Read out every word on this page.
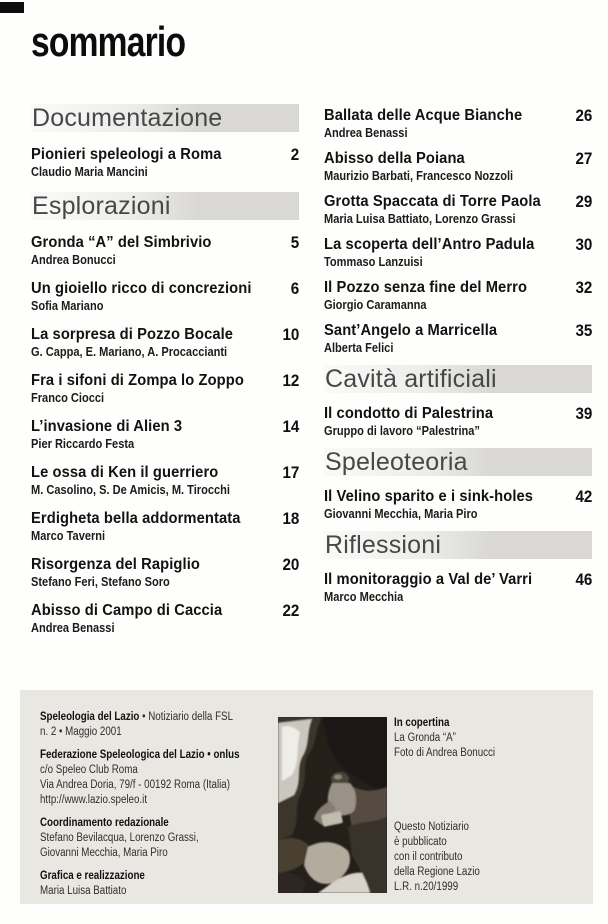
sommario
Documentazione
Pionieri speleologi a Roma	2
Claudio Maria Mancini
Esplorazioni
Gronda “A” del Simbrivio	5
Andrea Bonucci
Un gioiello ricco di concrezioni 6
Sofia Mariano
La sorpresa di Pozzo Bocale	10
G. Cappa, E. Mariano, A. Procaccianti
Fra i sifoni di Zompa lo Zoppo 12
Franco Ciocci
L’invasione di Alien 3	14
Pier Riccardo Festa
Le ossa di Ken il guerriero	17
M. Casolino, S. De Amicis, M. Tirocchi
Erdigheta bella addormentata	18
Marco Taverni
Risorgenza del Rapiglio	20
Stefano Feri, Stefano Soro
Abisso di Campo di Caccia	22
Andrea Benassi
Ballata delle Acque Bianche	26
Andrea Benassi
Abisso della Poiana	27
Maurizio Barbati, Francesco Nozzoli
Grotta Spaccata di Torre Paola 29
Maria Luisa Battiato, Lorenzo Grassi
La scoperta dell’Antro Padula 30
Tommaso Lanzuisi
Il Pozzo senza fine del Merro	32
Giorgio Caramanna
Sant’Angelo a Marricella	35
Alberta Felici
Cavità artificiali
Il condotto di Palestrina	39
Gruppo di lavoro “Palestrina”
Speleoteoria
Il Velino sparito e i sink-holes	42
Giovanni Mecchia, Maria Piro
Riflessioni
Il monitoraggio a Val de’ Varri	46
Marco Mecchia
Speleologia del Lazio • Notiziario della FSL
n. 2 • Maggio 2001
Federazione Speleologica del Lazio • onlus
c/o Speleo Club Roma
Via Andrea Doria, 79/f - 00192 Roma (Italia)
http://www.lazio.speleo.it
Coordinamento redazionale
Stefano Bevilacqua, Lorenzo Grassi,
Giovanni Mecchia, Maria Piro
Grafica e realizzazione
Maria Luisa Battiato
In copertina
La Gronda “A”
Foto di Andrea Bonucci
Questo Notiziario
è pubblicato
con il contributo
della Regione Lazio
L.R. n.20/1999
